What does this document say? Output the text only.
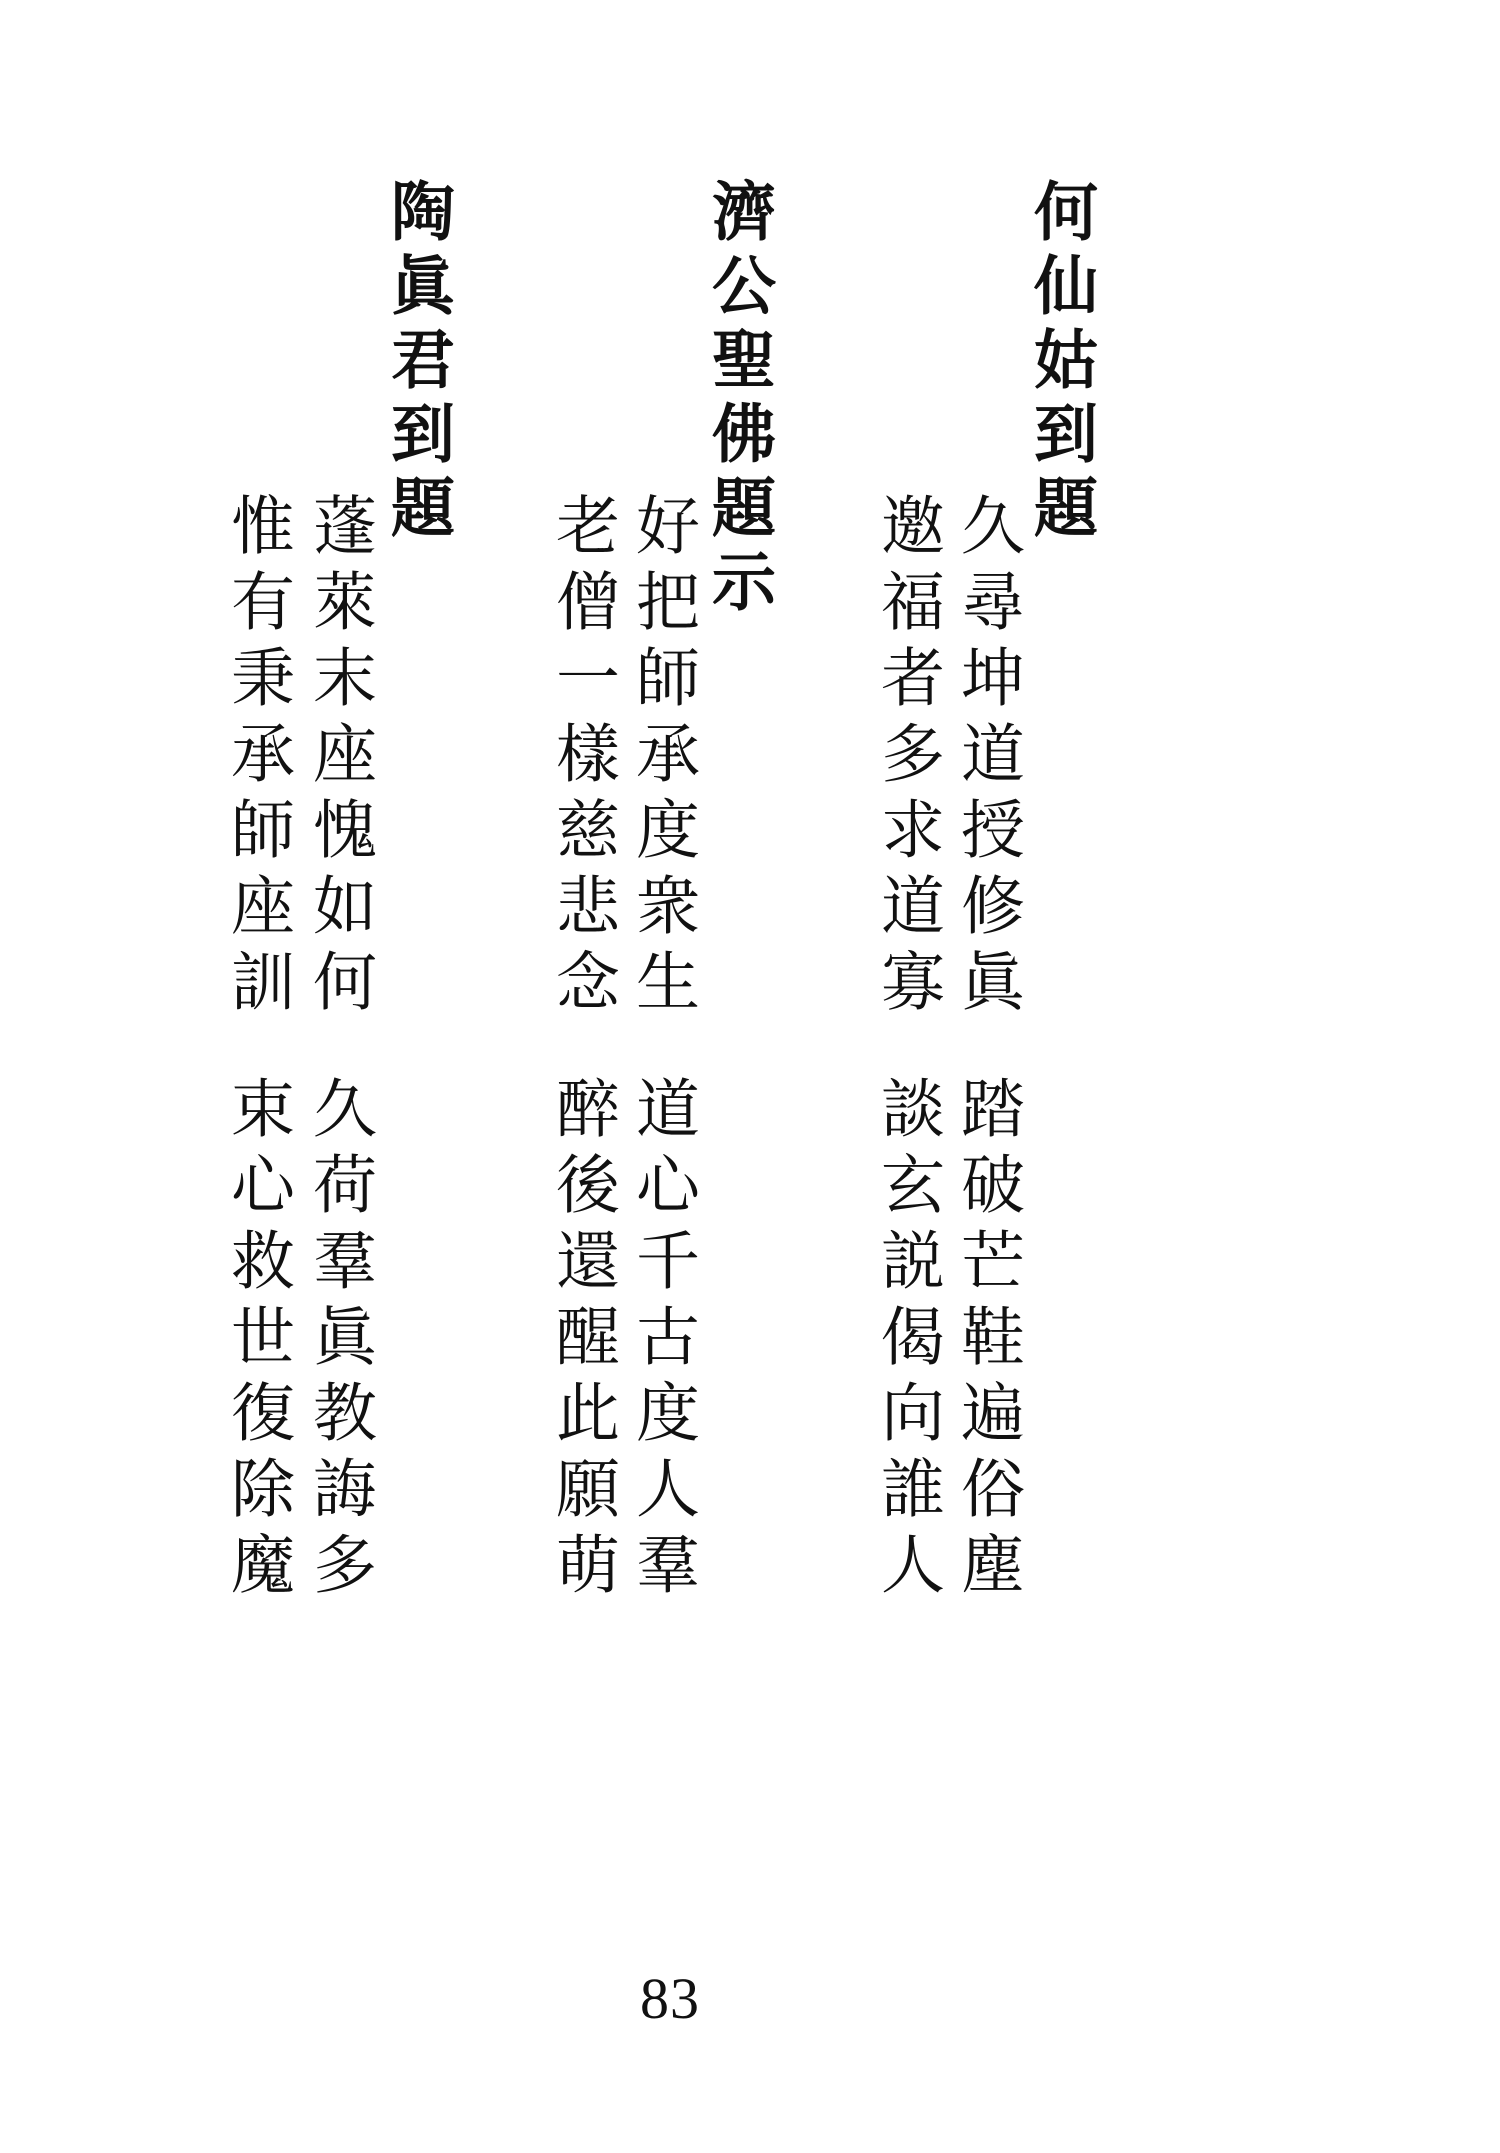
何仙姑到題
久尋坤道授修眞
邀福者多求道寡
踏破芒鞋遍俗塵
談玄説偈向誰人
濟公聖佛題示
好把師承度衆生
老僧一樣慈悲念
道心千古度人羣
醉後還醒此願萌
陶眞君到題
蓬萊末座愧如何
惟有秉承師座訓
久荷羣眞教誨多
束心救世復除魔
83
